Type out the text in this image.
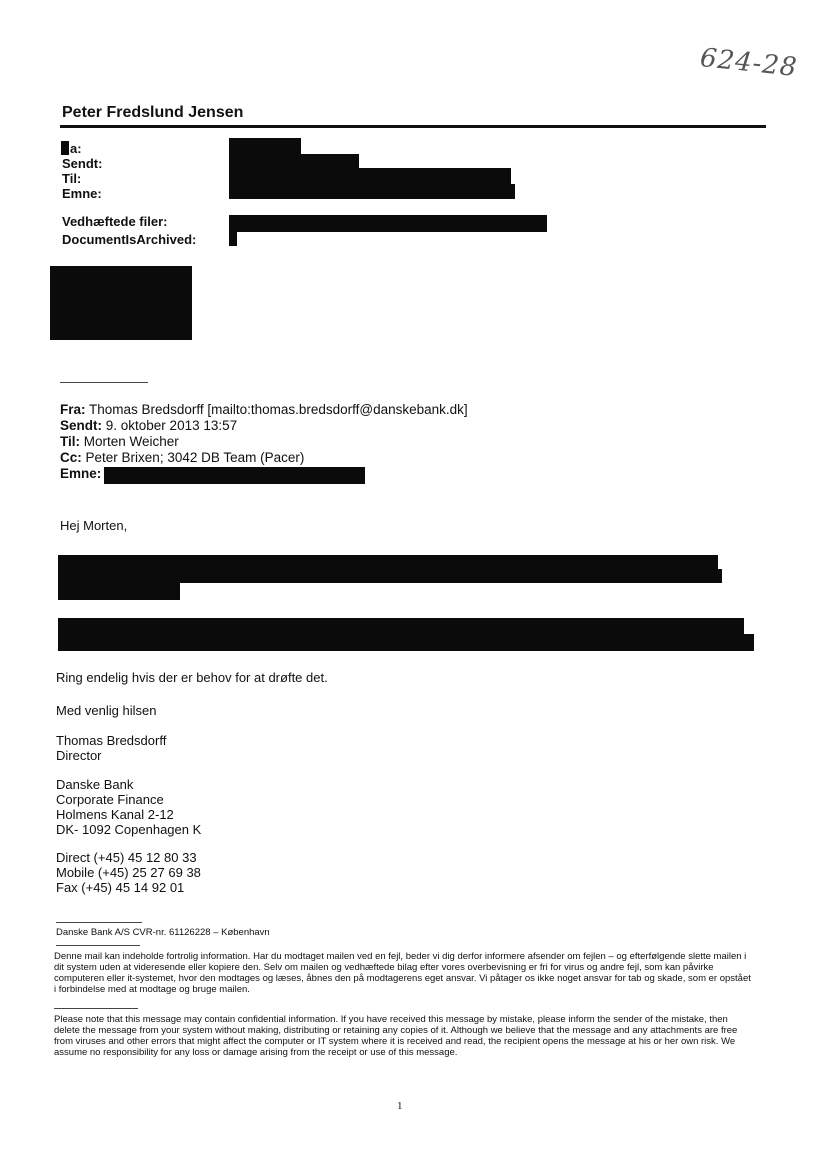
624-28
Peter Fredslund Jensen
a:
Sendt:
Til:
Emne:
Vedhæftede filer:
DocumentIsArchived:
Fra: Thomas Bredsdorff [mailto:thomas.bredsdorff@danskebank.dk]
Sendt: 9. oktober 2013 13:57
Til: Morten Weicher
Cc: Peter Brixen; 3042 DB Team (Pacer)
Emne:
Hej Morten,
Ring endelig hvis der er behov for at drøfte det.
Med venlig hilsen
Thomas Bredsdorff
Director
Danske Bank
Corporate Finance
Holmens Kanal 2-12
DK- 1092 Copenhagen K
Direct (+45) 45 12 80 33
Mobile (+45) 25 27 69 38
Fax (+45) 45 14 92 01
Danske Bank A/S CVR-nr. 61126228 – København
Denne mail kan indeholde fortrolig information. Har du modtaget mailen ved en fejl, beder vi dig derfor informere afsender om fejlen – og efterfølgende slette mailen i dit system uden at videresende eller kopiere den. Selv om mailen og vedhæftede bilag efter vores overbevisning er fri for virus og andre fejl, som kan påvirke computeren eller it-systemet, hvor den modtages og læses, åbnes den på modtagerens eget ansvar. Vi påtager os ikke noget ansvar for tab og skade, som er opstået i forbindelse med at modtage og bruge mailen.
Please note that this message may contain confidential information. If you have received this message by mistake, please inform the sender of the mistake, then delete the message from your system without making, distributing or retaining any copies of it. Although we believe that the message and any attachments are free from viruses and other errors that might affect the computer or IT system where it is received and read, the recipient opens the message at his or her own risk. We assume no responsibility for any loss or damage arising from the receipt or use of this message.
1
